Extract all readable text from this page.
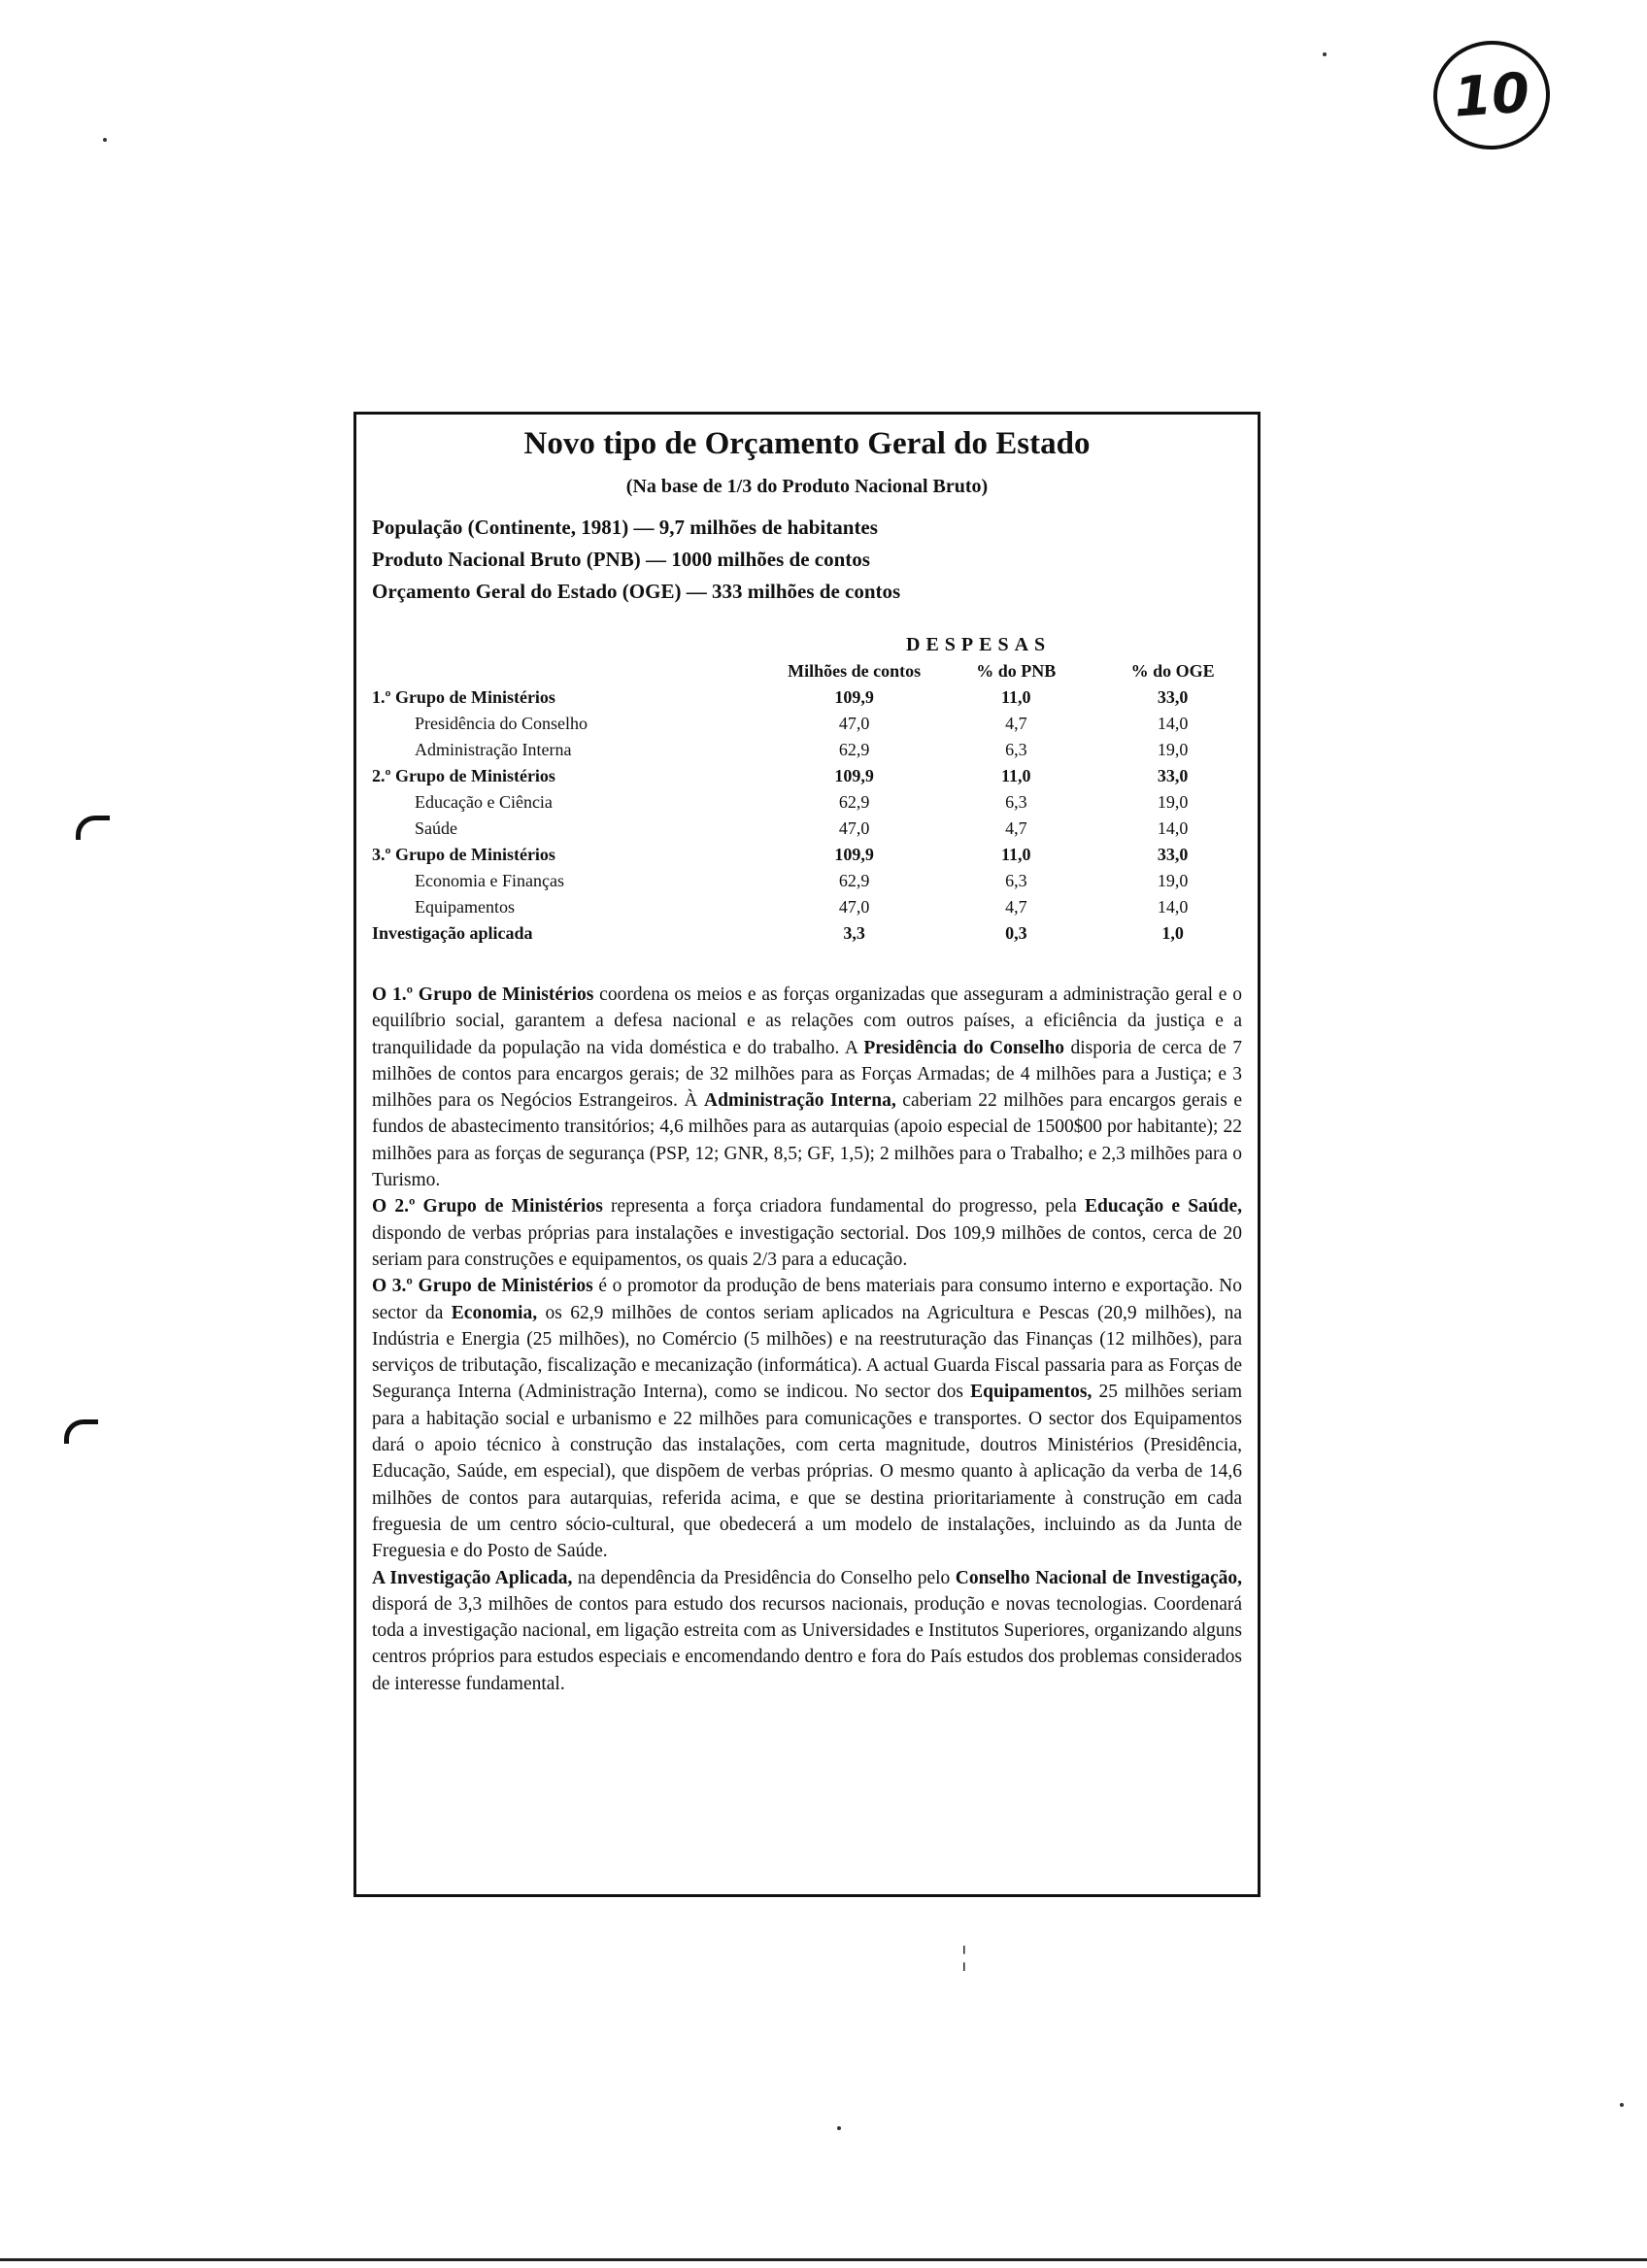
10
Novo tipo de Orçamento Geral do Estado
(Na base de 1/3 do Produto Nacional Bruto)
População (Continente, 1981) — 9,7 milhões de habitantes
Produto Nacional Bruto (PNB) — 1000 milhões de contos
Orçamento Geral do Estado (OGE) — 333 milhões de contos
DESPESAS
	Milhões de contos	% do PNB	% do OGE
1.º Grupo de Ministérios	109,9	11,0	33,0
Presidência do Conselho	47,0	4,7	14,0
Administração Interna	62,9	6,3	19,0
2.º Grupo de Ministérios	109,9	11,0	33,0
Educação e Ciência	62,9	6,3	19,0
Saúde	47,0	4,7	14,0
3.º Grupo de Ministérios	109,9	11,0	33,0
Economia e Finanças	62,9	6,3	19,0
Equipamentos	47,0	4,7	14,0
Investigação aplicada	3,3	0,3	1,0

O 1.º Grupo de Ministérios coordena os meios e as forças organizadas que asseguram a administração geral e o equilíbrio social, garantem a defesa nacional e as relações com outros países, a eficiência da justiça e a tranquilidade da população na vida doméstica e do trabalho. A Presidência do Conselho disporia de cerca de 7 milhões de contos para encargos gerais; de 32 milhões para as Forças Armadas; de 4 milhões para a Justiça; e 3 milhões para os Negócios Estrangeiros. À Administração Interna, caberiam 22 milhões para encargos gerais e fundos de abastecimento transitórios; 4,6 milhões para as autarquias (apoio especial de 1500$00 por habitante); 22 milhões para as forças de segurança (PSP, 12; GNR, 8,5; GF, 1,5); 2 milhões para o Trabalho; e 2,3 milhões para o Turismo.

O 2.º Grupo de Ministérios representa a força criadora fundamental do progresso, pela Educação e Saúde, dispondo de verbas próprias para instalações e investigação sectorial. Dos 109,9 milhões de contos, cerca de 20 seriam para construções e equipamentos, os quais 2/3 para a educação.

O 3.º Grupo de Ministérios é o promotor da produção de bens materiais para consumo interno e exportação. No sector da Economia, os 62,9 milhões de contos seriam aplicados na Agricultura e Pescas (20,9 milhões), na Indústria e Energia (25 milhões), no Comércio (5 milhões) e na reestruturação das Finanças (12 milhões), para serviços de tributação, fiscalização e mecanização (informática). A actual Guarda Fiscal passaria para as Forças de Segurança Interna (Administração Interna), como se indicou. No sector dos Equipamentos, 25 milhões seriam para a habitação social e urbanismo e 22 milhões para comunicações e transportes. O sector dos Equipamentos dará o apoio técnico à construção das instalações, com certa magnitude, doutros Ministérios (Presidência, Educação, Saúde, em especial), que dispõem de verbas próprias. O mesmo quanto à aplicação da verba de 14,6 milhões de contos para autarquias, referida acima, e que se destina prioritariamente à construção em cada freguesia de um centro sócio-cultural, que obedecerá a um modelo de instalações, incluindo as da Junta de Freguesia e do Posto de Saúde.

A Investigação Aplicada, na dependência da Presidência do Conselho pelo Conselho Nacional de Investigação, disporá de 3,3 milhões de contos para estudo dos recursos nacionais, produção e novas tecnologias. Coordenará toda a investigação nacional, em ligação estreita com as Universidades e Institutos Superiores, organizando alguns centros próprios para estudos especiais e encomendando dentro e fora do País estudos dos problemas considerados de interesse fundamental.

¦
